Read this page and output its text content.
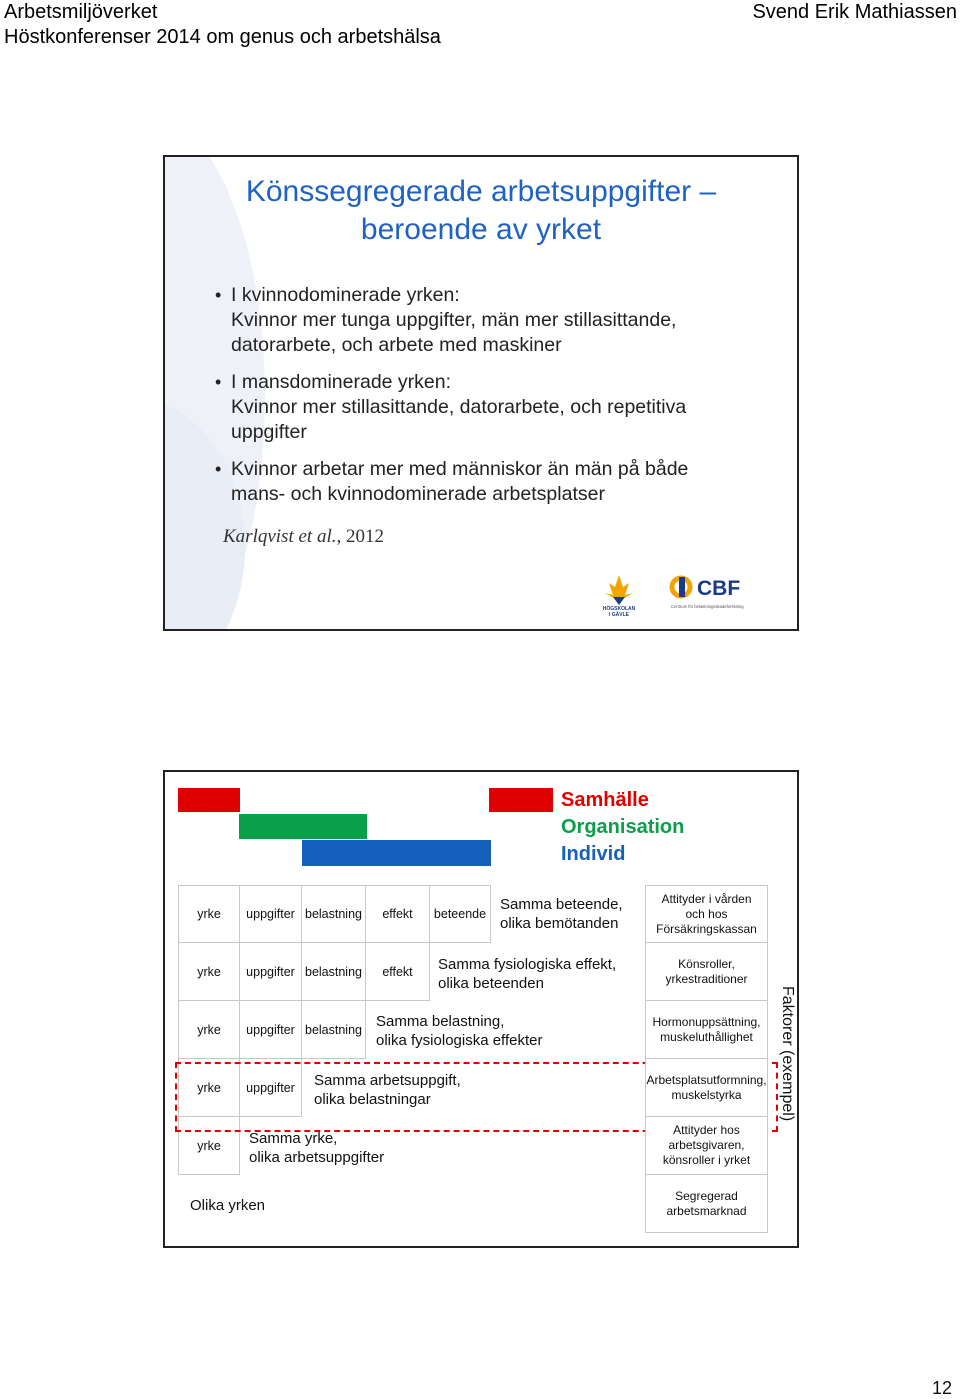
Arbetsmiljöverket
Höstkonferenser 2014 om genus och arbetshälsa
Svend Erik Mathiassen
Könssegregerade arbetsuppgifter –
beroende av yrket
• I kvinnodominerade yrken:
Kvinnor mer tunga uppgifter, män mer stillasittande,
datorarbete, och arbete med maskiner
• I mansdominerade yrken:
Kvinnor mer stillasittande, datorarbete, och repetitiva
uppgifter
• Kvinnor arbetar mer med människor än män på både
mans- och kvinnodominerade arbetsplatser
Karlqvist et al., 2012
HÖGSKOLAN
I GÄVLE
CBF
Centrum för belastningsskadeforskning
Samhälle
Organisation
Individ
yrke	uppgifter belastning	effekt	beteende
yrke	uppgifter belastning	effekt
yrke	uppgifter belastning
yrke	uppgifter
yrke
Samma beteende,
olika bemötanden
Samma fysiologiska effekt,
olika beteenden
Samma belastning,
olika fysiologiska effekter
Samma arbetsuppgift,
olika belastningar
Samma yrke,
olika arbetsuppgifter
Olika yrken
Attityder i vården
och hos
Försäkringskassan
Könsroller,
yrkestraditioner
Hormonuppsättning,
muskeluthållighet
Arbetsplatsutformning,
muskelstyrka
Attityder hos
arbetsgivaren,
könsroller i yrket
Segregerad
arbetsmarknad
Faktorer (exempel)
12
